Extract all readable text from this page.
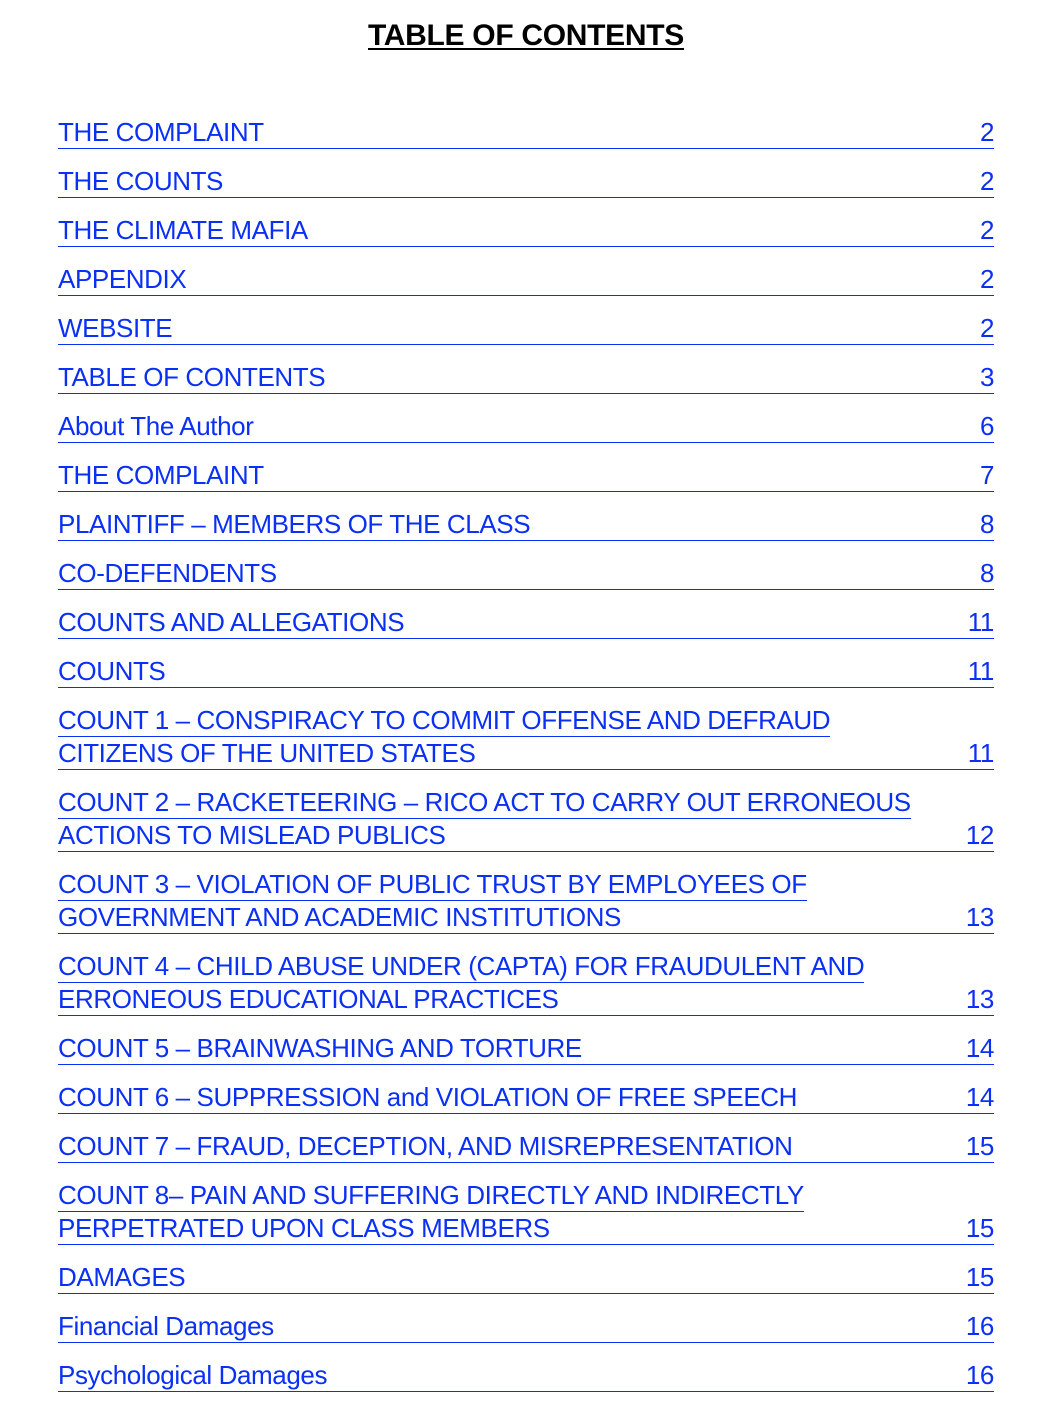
TABLE OF CONTENTS
THE COMPLAINT	2
THE COUNTS	2
THE CLIMATE MAFIA	2
APPENDIX	2
WEBSITE	2
TABLE OF CONTENTS	3
About The Author	6
THE COMPLAINT	7
PLAINTIFF – MEMBERS OF THE CLASS	8
CO-DEFENDENTS	8
COUNTS AND ALLEGATIONS	11
COUNTS	11
COUNT 1 – CONSPIRACY TO COMMIT OFFENSE AND DEFRAUD
CITIZENS OF THE UNITED STATES	11
COUNT 2 – RACKETEERING – RICO ACT TO CARRY OUT ERRONEOUS
ACTIONS TO MISLEAD PUBLICS	12
COUNT 3 – VIOLATION OF PUBLIC TRUST BY EMPLOYEES OF
GOVERNMENT AND ACADEMIC INSTITUTIONS	13
COUNT 4 – CHILD ABUSE UNDER (CAPTA) FOR FRAUDULENT AND
ERRONEOUS EDUCATIONAL PRACTICES	13
COUNT 5 – BRAINWASHING AND TORTURE	14
COUNT 6 – SUPPRESSION and VIOLATION OF FREE SPEECH	14
COUNT 7 – FRAUD, DECEPTION, AND MISREPRESENTATION	15
COUNT 8– PAIN AND SUFFERING DIRECTLY AND INDIRECTLY
PERPETRATED UPON CLASS MEMBERS	15
DAMAGES	15
Financial Damages	16
Psychological Damages	16
